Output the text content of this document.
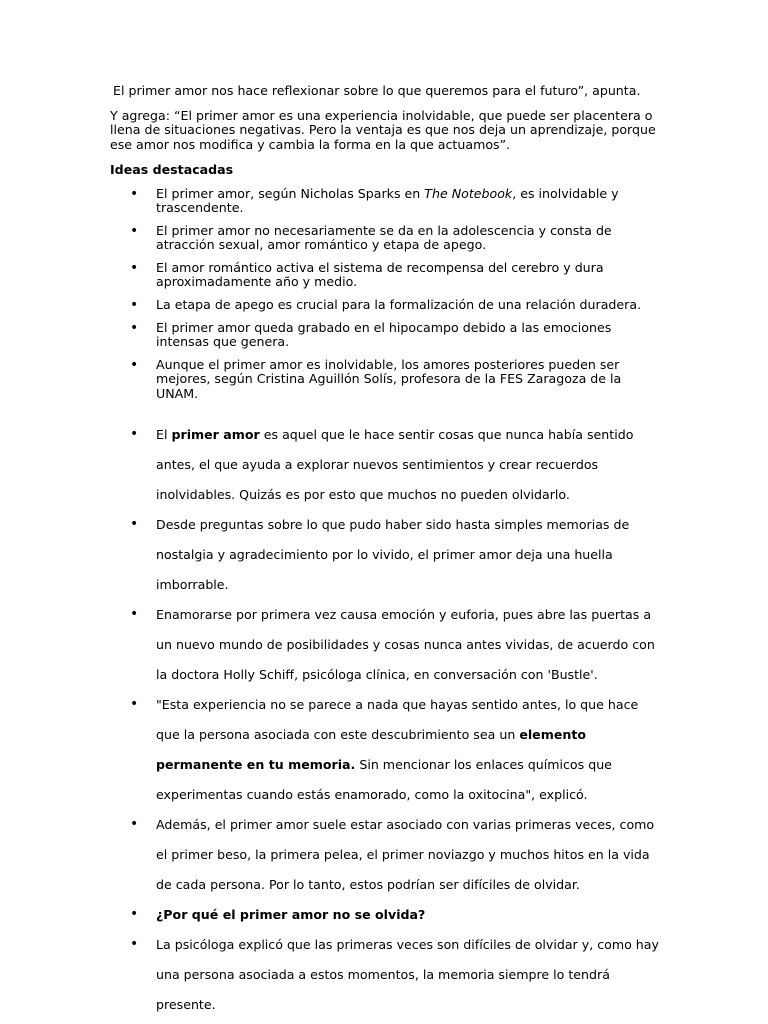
El primer amor nos hace reflexionar sobre lo que queremos para el futuro”, apunta.

Y agrega: “El primer amor es una experiencia inolvidable, que puede ser placentera o llena de situaciones negativas. Pero la ventaja es que nos deja un aprendizaje, porque ese amor nos modifica y cambia la forma en la que actuamos”.

Ideas destacadas

• El primer amor, según Nicholas Sparks en The Notebook, es inolvidable y trascendente.
• El primer amor no necesariamente se da en la adolescencia y consta de atracción sexual, amor romántico y etapa de apego.
• El amor romántico activa el sistema de recompensa del cerebro y dura aproximadamente año y medio.
• La etapa de apego es crucial para la formalización de una relación duradera.
• El primer amor queda grabado en el hipocampo debido a las emociones intensas que genera.
• Aunque el primer amor es inolvidable, los amores posteriores pueden ser mejores, según Cristina Aguillón Solís, profesora de la FES Zaragoza de la UNAM.
• El primer amor es aquel que le hace sentir cosas que nunca había sentido antes, el que ayuda a explorar nuevos sentimientos y crear recuerdos inolvidables. Quizás es por esto que muchos no pueden olvidarlo.
• Desde preguntas sobre lo que pudo haber sido hasta simples memorias de nostalgia y agradecimiento por lo vivido, el primer amor deja una huella imborrable.
• Enamorarse por primera vez causa emoción y euforia, pues abre las puertas a un nuevo mundo de posibilidades y cosas nunca antes vividas, de acuerdo con la doctora Holly Schiff, psicóloga clínica, en conversación con 'Bustle'.
• "Esta experiencia no se parece a nada que hayas sentido antes, lo que hace que la persona asociada con este descubrimiento sea un elemento permanente en tu memoria. Sin mencionar los enlaces químicos que experimentas cuando estás enamorado, como la oxitocina", explicó.
• Además, el primer amor suele estar asociado con varias primeras veces, como el primer beso, la primera pelea, el primer noviazgo y muchos hitos en la vida de cada persona. Por lo tanto, estos podrían ser difíciles de olvidar.
• ¿Por qué el primer amor no se olvida?
• La psicóloga explicó que las primeras veces son difíciles de olvidar y, como hay una persona asociada a estos momentos, la memoria siempre lo tendrá presente.
